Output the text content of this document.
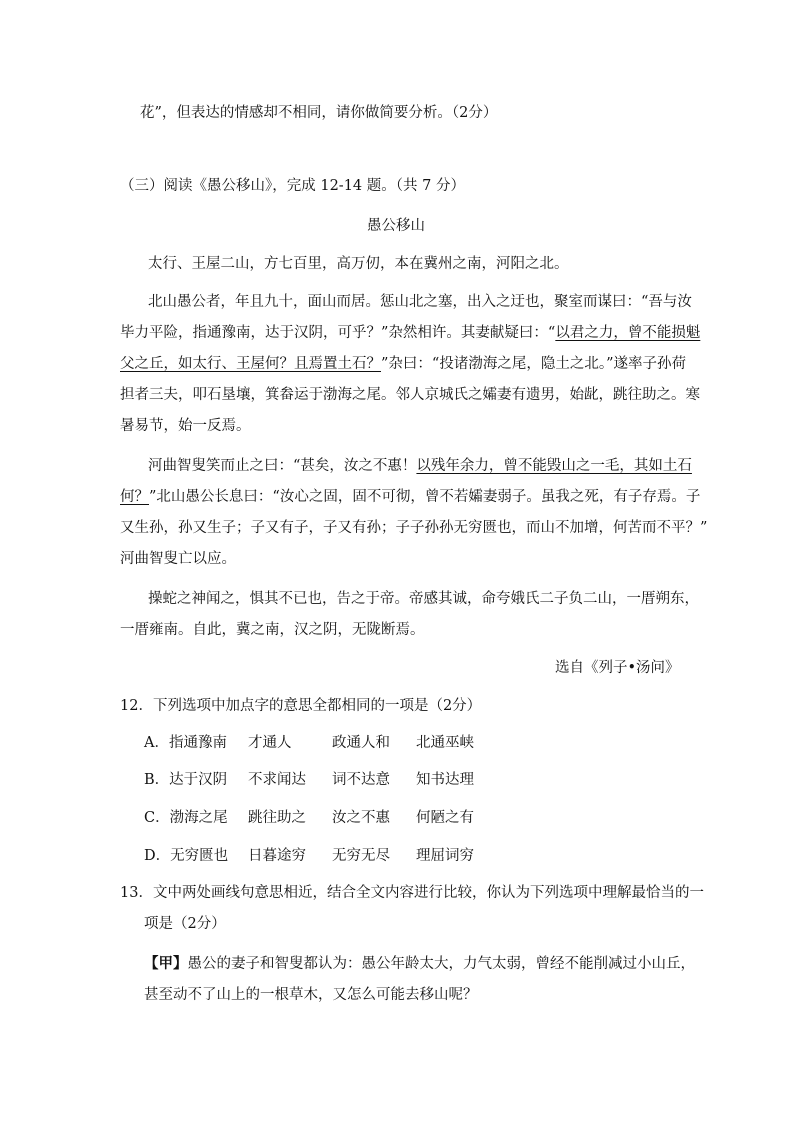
花”，但表达的情感却不相同，请你做简要分析。（2分）
（三）阅读《愚公移山》，完成 12-14 题。（共 7 分）
愚公移山
太行、王屋二山，方七百里，高万仞，本在冀州之南，河阳之北。
北山愚公者，年且九十，面山而居。惩山北之塞，出入之迂也，聚室而谋曰：“吾与汝
毕力平险，指通豫南，达于汉阴，可乎？”杂然相许。其妻献疑曰：“以君之力，曾不能损魁
父之丘，如太行、王屋何？且焉置土石？”杂曰：“投诸渤海之尾，隐土之北。”遂率子孙荷
担者三夫，叩石垦壤，箕畚运于渤海之尾。邻人京城氏之孀妻有遗男，始龀，跳往助之。寒
暑易节，始一反焉。
河曲智叟笑而止之曰：“甚矣，汝之不惠！以残年余力，曾不能毁山之一毛，其如土石
何？”北山愚公长息曰：“汝心之固，固不可彻，曾不若孀妻弱子。虽我之死，有子存焉。子
又生孙，孙又生子；子又有子，子又有孙；子子孙孙无穷匮也，而山不加增，何苦而不平？”
河曲智叟亡以应。
操蛇之神闻之，惧其不已也，告之于帝。帝感其诚，命夸娥氏二子负二山，一厝朔东，
一厝雍南。自此，冀之南，汉之阴，无陇断焉。
选自《列子•汤问》
12．下列选项中加点字的意思全都相同的一项是（2分）
A．指通豫南 才通人	政通人和 北通巫峡
B．达于汉阴 不求闻达 词不达意 知书达理
C．渤海之尾 跳往助之 汝之不惠 何陋之有
D．无穷匮也 日暮途穷 无穷无尽 理屈词穷
13．文中两处画线句意思相近，结合全文内容进行比较，你认为下列选项中理解最恰当的一
项是（2分）
【甲】愚公的妻子和智叟都认为：愚公年龄太大，力气太弱，曾经不能削减过小山丘，
甚至动不了山上的一根草木，又怎么可能去移山呢？
